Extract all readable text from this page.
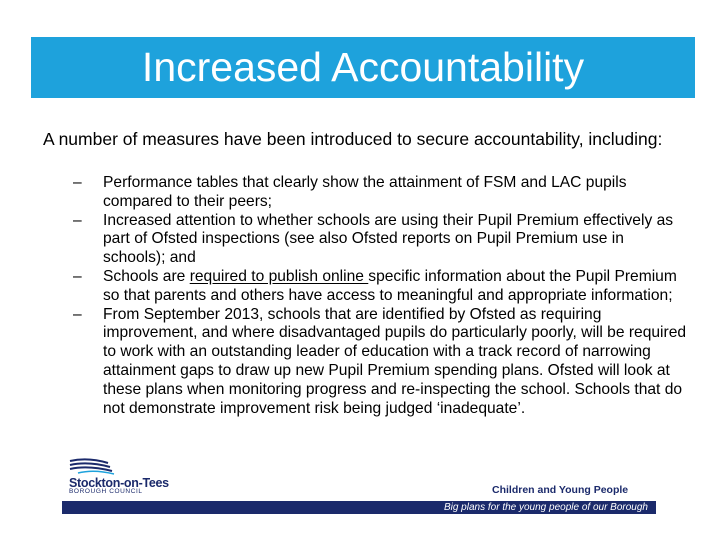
Increased Accountability
A number of measures have been introduced to secure accountability, including:
– Performance tables that clearly show the attainment of FSM and LAC pupils compared to their peers;
– Increased attention to whether schools are using their Pupil Premium effectively as part of Ofsted inspections (see also Ofsted reports on Pupil Premium use in schools); and
– Schools are required to publish online specific information about the Pupil Premium so that parents and others have access to meaningful and appropriate information;
– From September 2013, schools that are identified by Ofsted as requiring improvement, and where disadvantaged pupils do particularly poorly, will be required to work with an outstanding leader of education with a track record of narrowing attainment gaps to draw up new Pupil Premium spending plans. Ofsted will look at these plans when monitoring progress and re-inspecting the school. Schools that do not demonstrate improvement risk being judged ‘inadequate’.
Stockton-on-Tees
BOROUGH COUNCIL	Children and Young People
Big plans for the young people of our Borough
